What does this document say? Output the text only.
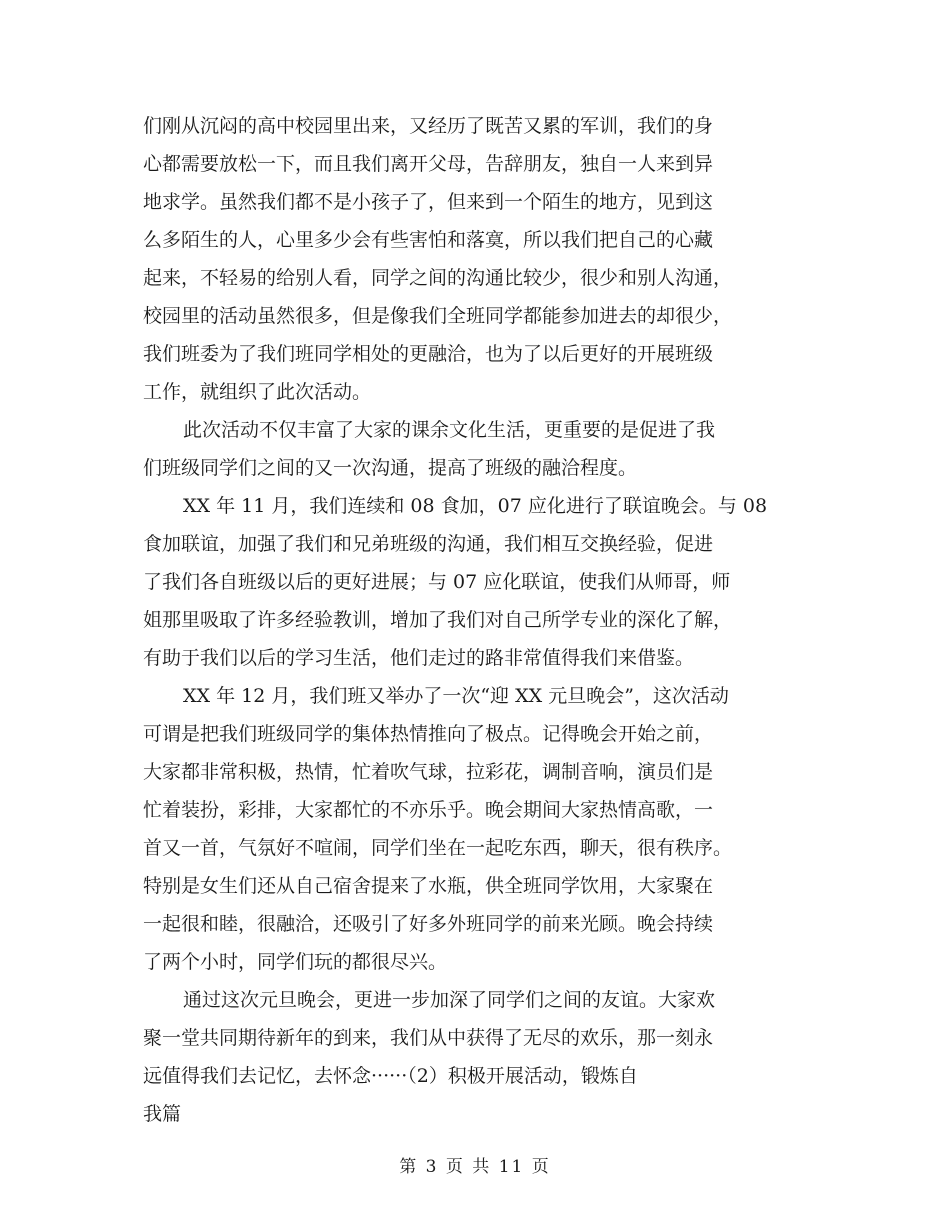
们刚从沉闷的高中校园里出来，又经历了既苦又累的军训，我们的身
心都需要放松一下，而且我们离开父母，告辞朋友，独自一人来到异
地求学。虽然我们都不是小孩子了，但来到一个陌生的地方，见到这
么多陌生的人，心里多少会有些害怕和落寞，所以我们把自己的心藏
起来，不轻易的给别人看，同学之间的沟通比较少，很少和别人沟通，
校园里的活动虽然很多，但是像我们全班同学都能参加进去的却很少，
我们班委为了我们班同学相处的更融洽，也为了以后更好的开展班级
工作，就组织了此次活动。
此次活动不仅丰富了大家的课余文化生活，更重要的是促进了我
们班级同学们之间的又一次沟通，提高了班级的融洽程度。
XX 年 11 月，我们连续和 08 食加，07 应化进行了联谊晚会。与 08
食加联谊，加强了我们和兄弟班级的沟通，我们相互交换经验，促进
了我们各自班级以后的更好进展；与 07 应化联谊，使我们从师哥，师
姐那里吸取了许多经验教训，增加了我们对自己所学专业的深化了解，
有助于我们以后的学习生活，他们走过的路非常值得我们来借鉴。
XX 年 12 月，我们班又举办了一次“迎 XX 元旦晚会”，这次活动
可谓是把我们班级同学的集体热情推向了极点。记得晚会开始之前，
大家都非常积极，热情，忙着吹气球，拉彩花，调制音响，演员们是
忙着装扮，彩排，大家都忙的不亦乐乎。晚会期间大家热情高歌，一
首又一首，气氛好不喧闹，同学们坐在一起吃东西，聊天，很有秩序。
特别是女生们还从自己宿舍提来了水瓶，供全班同学饮用，大家聚在
一起很和睦，很融洽，还吸引了好多外班同学的前来光顾。晚会持续
了两个小时，同学们玩的都很尽兴。
通过这次元旦晚会，更进一步加深了同学们之间的友谊。大家欢
聚一堂共同期待新年的到来，我们从中获得了无尽的欢乐，那一刻永
远值得我们去记忆，去怀念······（2）积极开展活动，锻炼自
我篇
第 3 页 共 11 页
